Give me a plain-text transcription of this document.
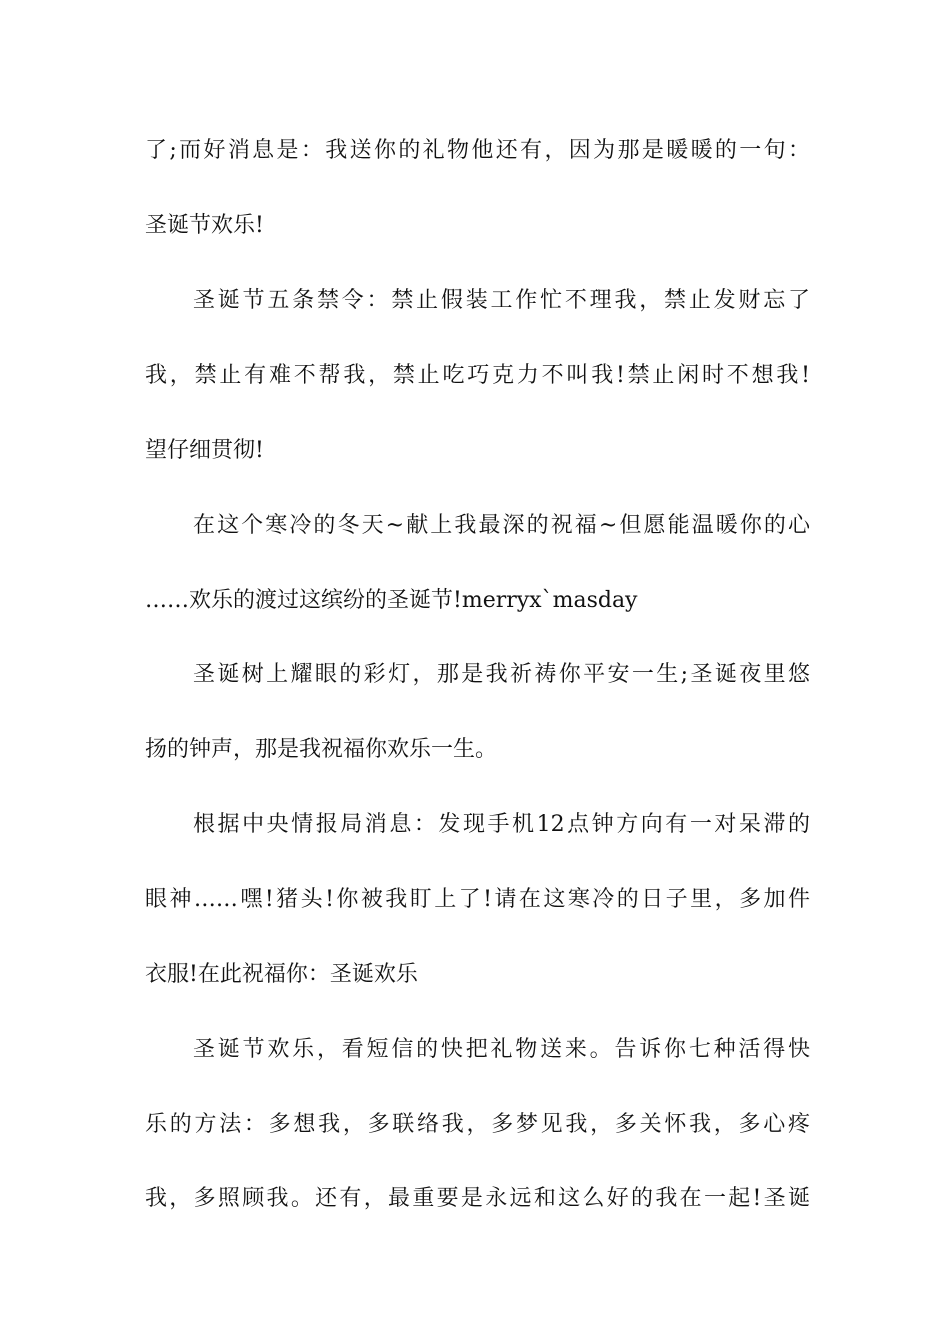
了;而好消息是：我送你的礼物他还有，因为那是暖暖的一句：
圣诞节欢乐!
圣诞节五条禁令：禁止假装工作忙不理我，禁止发财忘了
我，禁止有难不帮我，禁止吃巧克力不叫我!禁止闲时不想我!
望仔细贯彻!
在这个寒冷的冬天~献上我最深的祝福~但愿能温暖你的心
……欢乐的渡过这缤纷的圣诞节!merryx`masday
圣诞树上耀眼的彩灯，那是我祈祷你平安一生;圣诞夜里悠
扬的钟声，那是我祝福你欢乐一生。
根据中央情报局消息：发现手机12点钟方向有一对呆滞的
眼神……嘿!猪头!你被我盯上了!请在这寒冷的日子里，多加件
衣服!在此祝福你：圣诞欢乐
圣诞节欢乐，看短信的快把礼物送来。告诉你七种活得快
乐的方法：多想我，多联络我，多梦见我，多关怀我，多心疼
我，多照顾我。还有，最重要是永远和这么好的我在一起!圣诞
